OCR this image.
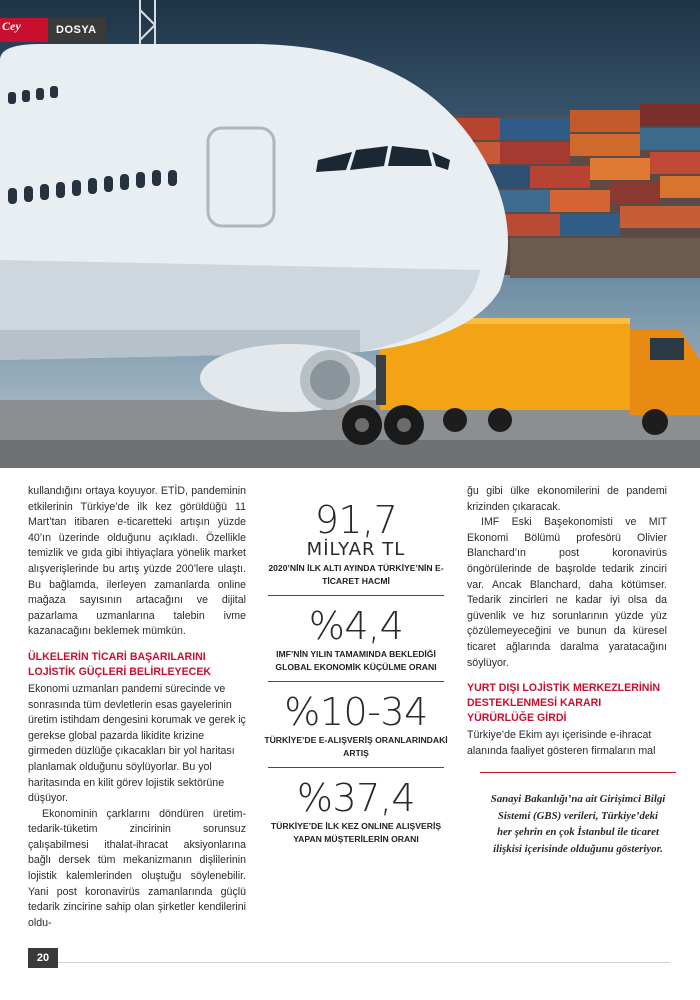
Cey	DOSYA

kullandığını ortaya koyuyor. ETİD, pandeminin etkilerinin Türkiye’de ilk kez görüldüğü 11 Mart’tan itibaren e-ticaretteki artışın yüzde 40’ın üzerinde olduğunu açıkladı. Özellikle temizlik ve gıda gibi ihtiyaçlara yönelik market alışverişlerinde bu artış yüzde 200’lere ulaştı. Bu bağlamda, ilerleyen zamanlarda online mağaza sayısının artacağını ve dijital pazarlama uzmanlarına talebin ivme kazanacağını beklemek mümkün.

ÜLKELERİN TİCARİ BAŞARILARINI LOJİSTİK GÜÇLERİ BELİRLEYECEK

Ekonomi uzmanları pandemi sürecinde ve sonrasında tüm devletlerin esas gayelerinin üretim istihdam dengesini korumak ve gerek iç gerekse global pazarda likidite krizine girmeden düzlüğe çıkacakları bir yol haritası planlamak olduğunu söylüyorlar. Bu yol haritasında en kilit görev lojistik sektörüne düşüyor.

Ekonominin çarklarını döndüren üretim-tedarik-tüketim zincirinin sorunsuz çalışabilmesi ithalat-ihracat aksiyonlarına bağlı dersek tüm mekanizmanın dişlilerinin lojistik kalemlerinden oluştuğu söylenebilir. Yani post koronavirüs zamanlarında güçlü tedarik zincirine sahip olan şirketler kendilerini oldu-

91,7
MİLYAR TL
2020’NİN İLK ALTI AYINDA TÜRKİYE’NİN E-TİCARET HACMİ
%4,4
IMF’NİN YILIN TAMAMINDA BEKLEDİĞİ GLOBAL EKONOMİK KÜÇÜLME ORANI
%10-34
TÜRKİYE’DE E-ALIŞVERİŞ ORANLARINDAKİ ARTIŞ
%37,4
TÜRKİYE’DE İLK KEZ ONLINE ALIŞVERİŞ YAPAN MÜŞTERİLERİN ORANI

ğu gibi ülke ekonomilerini de pandemi krizinden çıkaracak.

IMF Eski Başekonomisti ve MIT Ekonomi Bölümü profesörü Olivier Blanchard’ın post koronavirüs öngörülerinde de başrolde tedarik zinciri var. Ancak Blanchard, daha kötümser. Tedarik zincirleri ne kadar iyi olsa da güvenlik ve hız sorunlarının yüzde yüz çözülemeyeceğini ve bunun da küresel ticaret ağlarında daralma yaratacağını söylüyor.

YURT DIŞI LOJİSTİK MERKEZLERİNİN DESTEKLENMESİ KARARI YÜRÜRLÜĞE GİRDİ

Türkiye’de Ekim ayı içerisinde e-ihracat alanında faaliyet gösteren firmaların mal

Sanayi Bakanlığı’na ait Girişimci Bilgi Sistemi (GBS) verileri, Türkiye’deki her şehrin en çok İstanbul ile ticaret ilişkisi içerisinde olduğunu gösteriyor.
20
